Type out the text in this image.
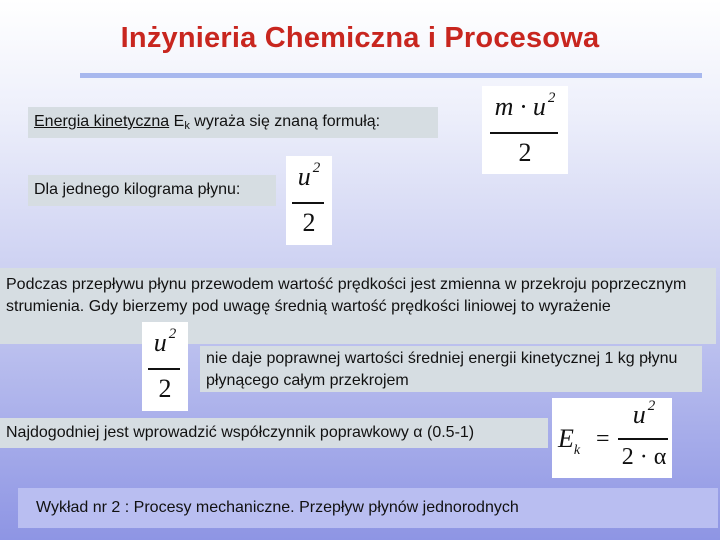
Inżynieria Chemiczna i Procesowa
Energia kinetyczna $E_k$ wyraża się znaną formułą:
m · u $^2$
2
Dla jednego kilograma płynu:	u $^2$
2
Podczas przepływu płynu przewodem wartość prędkości jest zmienna w przekroju poprzecznym strumienia. Gdy bierzemy pod uwagę średnią wartość prędkości liniowej to wyrażenie
u $^2$
2
nie daje poprawnej wartości średniej energii kinetycznej 1 kg płynu płynącego całym przekrojem
Najdogodniej jest wprowadzić współczynnik poprawkowy α (0.5-1)	$E_k$ =
u $^2$
2 · α
Wykład nr 2 : Procesy mechaniczne. Przepływ płynów jednorodnych
